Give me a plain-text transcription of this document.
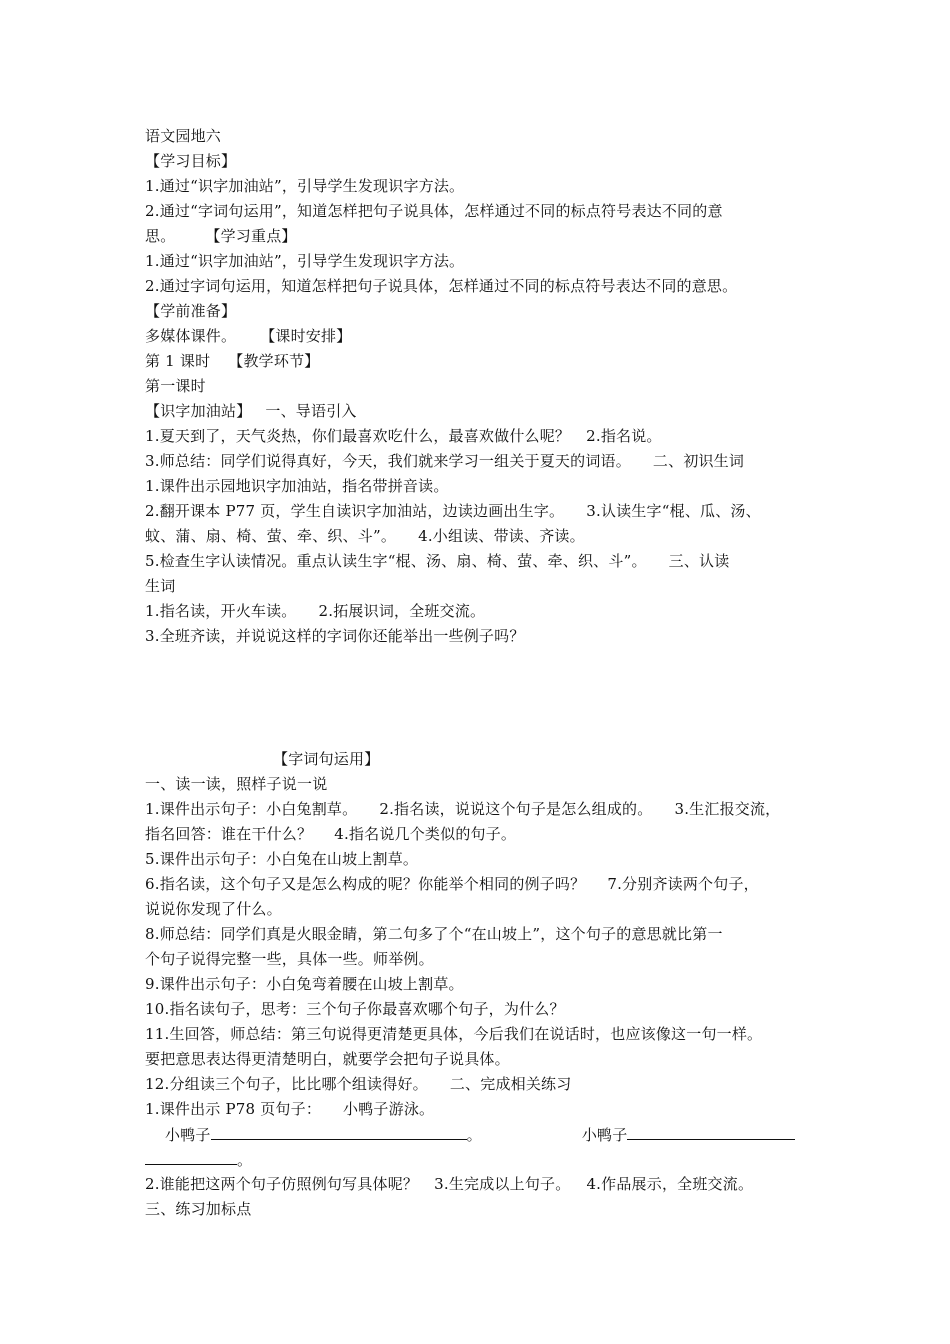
语文园地六
【学习目标】
1.通过“识字加油站”，引导学生发现识字方法。
2.通过“字词句运用”，知道怎样把句子说具体，怎样通过不同的标点符号表达不同的意
思。 【学习重点】
1.通过“识字加油站”，引导学生发现识字方法。
2.通过字词句运用，知道怎样把句子说具体，怎样通过不同的标点符号表达不同的意思。
【学前准备】
多媒体课件。 【课时安排】
第 1 课时 【教学环节】
第一课时
【识字加油站】 一、导语引入
1.夏天到了，天气炎热，你们最喜欢吃什么，最喜欢做什么呢？ 2.指名说。
3.师总结：同学们说得真好，今天，我们就来学习一组关于夏天的词语。 二、初识生词
1.课件出示园地识字加油站，指名带拼音读。
2.翻开课本 P77 页，学生自读识字加油站，边读边画出生字。 3.认读生字“棍、瓜、汤、
蚊、蒲、扇、椅、萤、牵、织、斗”。 4.小组读、带读、齐读。
5.检查生字认读情况。重点认读生字“棍、汤、扇、椅、萤、牵、织、斗”。 三、认读
生词
1.指名读，开火车读。 2.拓展识词，全班交流。
3.全班齐读，并说说这样的字词你还能举出一些例子吗？
【字词句运用】
一、读一读，照样子说一说
1.课件出示句子：小白兔割草。 2.指名读，说说这个句子是怎么组成的。 3.生汇报交流，
指名回答：谁在干什么？ 4.指名说几个类似的句子。
5.课件出示句子：小白兔在山坡上割草。
6.指名读，这个句子又是怎么构成的呢？你能举个相同的例子吗？ 7.分别齐读两个句子，
说说你发现了什么。
8.师总结：同学们真是火眼金睛，第二句多了个“在山坡上”，这个句子的意思就比第一
个句子说得完整一些，具体一些。师举例。
9.课件出示句子：小白兔弯着腰在山坡上割草。
10.指名读句子，思考：三个句子你最喜欢哪个句子，为什么？
11.生回答，师总结：第三句说得更清楚更具体，今后我们在说话时，也应该像这一句一样。
要把意思表达得更清楚明白，就要学会把句子说具体。
12.分组读三个句子，比比哪个组读得好。 二、完成相关练习
1.课件出示 P78 页句子： 小鸭子游泳。
小鸭子	。	小鸭子
。
2.谁能把这两个句子仿照例句写具体呢？ 3.生完成以上句子。 4.作品展示，全班交流。
三、练习加标点
